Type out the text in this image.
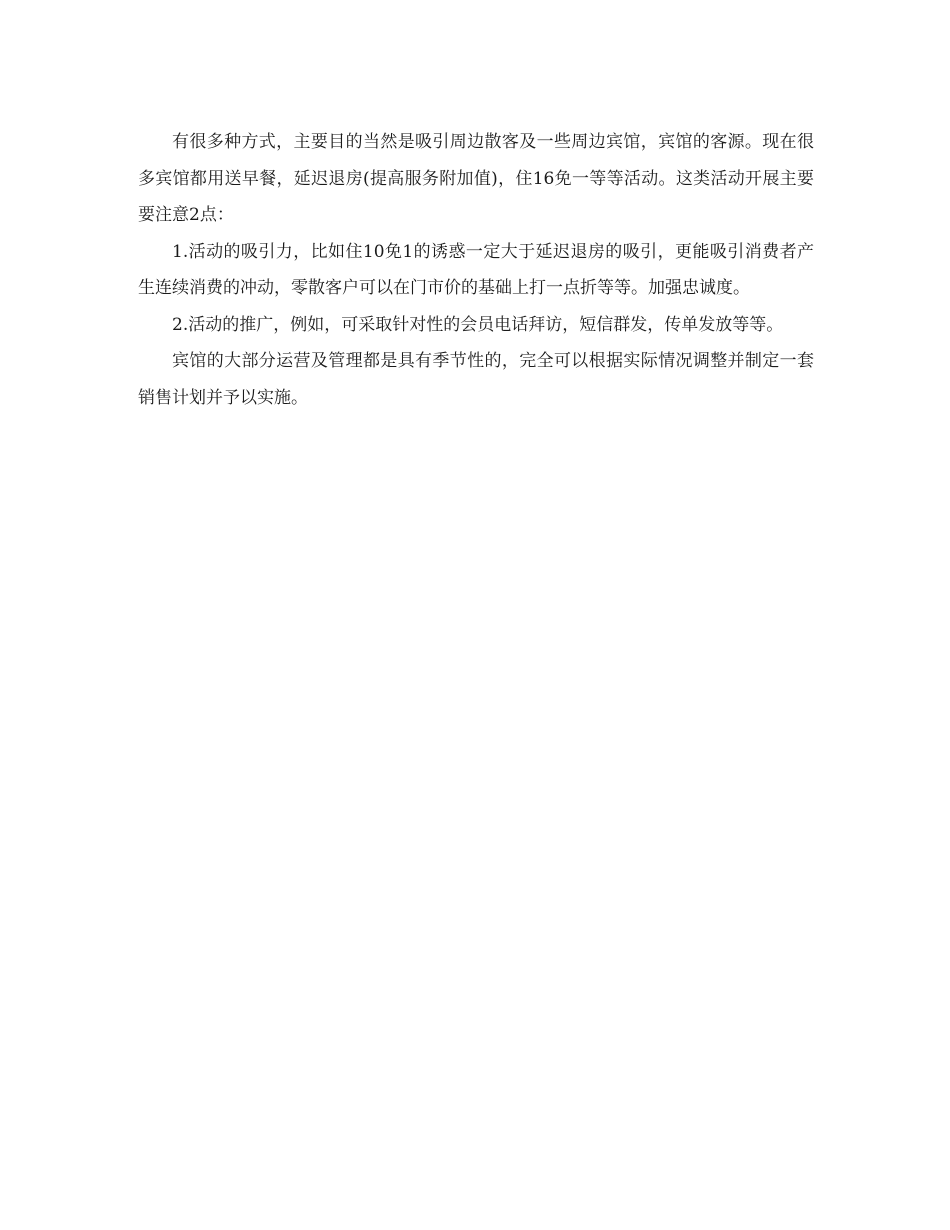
有很多种方式，主要目的当然是吸引周边散客及一些周边宾馆，宾馆的客源。现在很多宾馆都用送早餐，延迟退房(提高服务附加值)，住16免一等等活动。这类活动开展主要要注意2点：

1.活动的吸引力，比如住10免1的诱惑一定大于延迟退房的吸引，更能吸引消费者产生连续消费的冲动，零散客户可以在门市价的基础上打一点折等等。加强忠诚度。

2.活动的推广，例如，可采取针对性的会员电话拜访，短信群发，传单发放等等。

宾馆的大部分运营及管理都是具有季节性的，完全可以根据实际情况调整并制定一套销售计划并予以实施。
